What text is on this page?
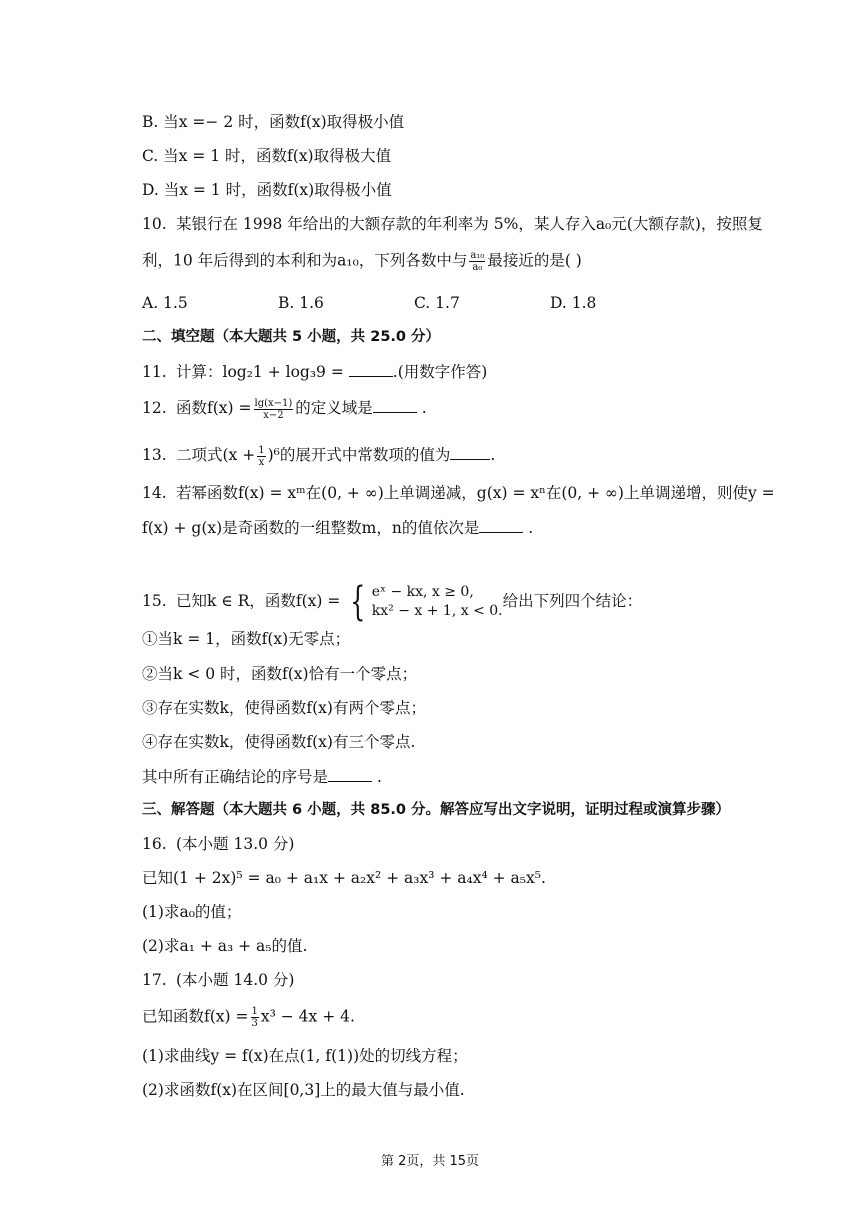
B. 当x =− 2 时，函数f(x)取得极小值
C. 当x = 1 时，函数f(x)取得极大值
D. 当x = 1 时，函数f(x)取得极小值
10. 某银行在 1998 年给出的大额存款的年利率为 5%，某人存入a₀元(大额存款)，按照复
利，10 年后得到的本利和为a₁₀，下列各数中与 $\frac{\text{a₁₀}}{\text{a₀}}$ 最接近的是( )
A. 1.5	B. 1.6	C. 1.7	D. 1.8
二、填空题（本大题共 5 小题，共 25.0 分）
11. 计算：log₂1 + log₃9 =	.(用数字作答)
12. 函数$f(x) = \frac{\lg(x-1)}{x-2}$ 的定义域是	.
13. 二项式$(x + \frac{1}{x} )^6$的展开式中常数项的值为	.
14. 若幂函数f(x) = xᵐ在(0, + ∞)上单调递减，g(x) = xⁿ在(0, + ∞)上单调递增，则使y =
f(x) + g(x)是奇函数的一组整数m，n的值依次是	.
15. 已知k ∈ R，函数f(x) = { eˣ − kx, x ≥ 0,
kx² − x + 1, x < 0.
给出下列四个结论：
①当k = 1，函数f(x)无零点；
②当k < 0 时，函数f(x)恰有一个零点；
③存在实数k，使得函数f(x)有两个零点；
④存在实数k，使得函数f(x)有三个零点.
其中所有正确结论的序号是	.
三、解答题（本大题共 6 小题，共 85.0 分。解答应写出文字说明，证明过程或演算步骤）
16. (本小题 13.0 分)
已知(1 + 2x)⁵ = a₀ + a₁x + a₂x² + a₃x³ + a₄x⁴ + a₅x⁵.
(1)求a₀的值；
(2)求a₁ + a₃ + a₅的值.
17. (本小题 14.0 分)
已知函数$f(x) = \frac{1}{3} x^3 - 4x + 4$.
(1)求曲线y = f(x)在点(1, f(1))处的切线方程；
(2)求函数f(x)在区间[0,3]上的最大值与最小值.
第 2页，共 15页
